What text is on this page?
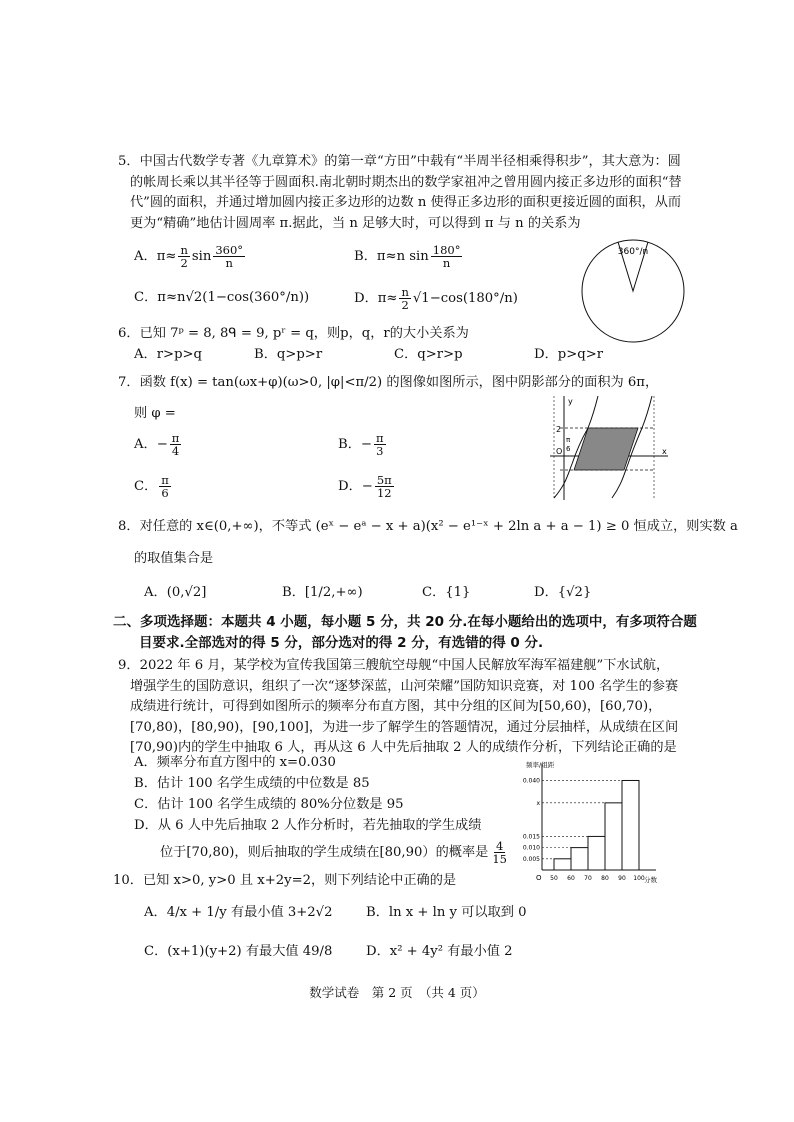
5．中国古代数学专著《九章算术》的第一章“方田”中载有“半周半径相乘得积步”，其大意为：圆的帐周长乘以其半径等于圆面积.南北朝时期杰出的数学家祖冲之曾用圆内接正多边形的面积“替代”圆的面积，并通过增加圆内接正多边形的边数 n 使得正多边形的面积更接近圆的面积，从而更为“精确”地估计圆周率 π.据此，当 n 足够大时，可以得到 π 与 n 的关系为
A．$\pi\approx \frac{n}{2}$ $\sin \frac{360^\circ}{n}$	B．π≈n $\sin \frac{180^\circ}{n}$
C．π≈n√2(1−cos(360°/n))	D．$\pi\approx \frac{n}{2} √1-\cos(180^\circ/n)$
360°/n
6．已知 7ᵖ = 8, 8ᑫ = 9, pʳ = q，则p，q，r的大小关系为
A．r>p>q	B．q>p>r	C．q>r>p	D．p>q>r
7．函数 f(x) = tan(ωx+φ)(ω>0, |φ|<π/2) 的图像如图所示，图中阴影部分的面积为 6π，
则 φ =
A．− $\frac{\pi}{4}$	B．− $\frac{\pi}{3}$
C． $\frac{\pi}{6}$	D．− $\frac{5\pi}{12}$
y
x
2
π
6
O
8．对任意的 x∈(0,+∞)，不等式 (eˣ − eᵃ − x + a)(x² − e¹⁻ˣ + 2ln a + a − 1) ≥ 0 恒成立，则实数 a
的取值集合是
A．(0,√2]	B．[1/2,+∞)	C．{1}	D．{√2}
二、多项选择题：本题共 4 小题，每小题 5 分，共 20 分.在每小题给出的选项中，有多项符合题目要求.全部选对的得 5 分，部分选对的得 2 分，有选错的得 0 分.
9．2022 年 6 月，某学校为宣传我国第三艘航空母舰“中国人民解放军海军福建舰”下水试航，增强学生的国防意识，组织了一次“逐梦深蓝，山河荣耀”国防知识竞赛，对 100 名学生的参赛成绩进行统计，可得到如图所示的频率分布直方图，其中分组的区间为[50,60)，[60,70)，[70,80)，[80,90)，[90,100]，为进一步了解学生的答题情况，通过分层抽样，从成绩在区间[70,90)内的学生中抽取 6 人，再从这 6 人中先后抽取 2 人的成绩作分析，下列结论正确的是
A．频率分布直方图中的 x=0.030
B．估计 100 名学生成绩的中位数是 85
C．估计 100 名学生成绩的 80%分位数是 95
D．从 6 人中先后抽取 2 人作分析时，若先抽取的学生成绩
位于[70,80)，则后抽取的学生成绩在[80,90）的概率是 $\frac{4}{15}$
频率/组距
分数
O
0.040
x
0.015
0.010
0.005
50 60 70 80 90 100
10．已知 x>0, y>0 且 x+2y=2，则下列结论中正确的是
A．4/x + 1/y 有最小值 3+2√2	B．ln x + ln y 可以取到 0
C．(x+1)(y+2) 有最大值 49/8	D．x² + 4y² 有最小值 2
数学试卷　第 2 页　（共 4 页）
